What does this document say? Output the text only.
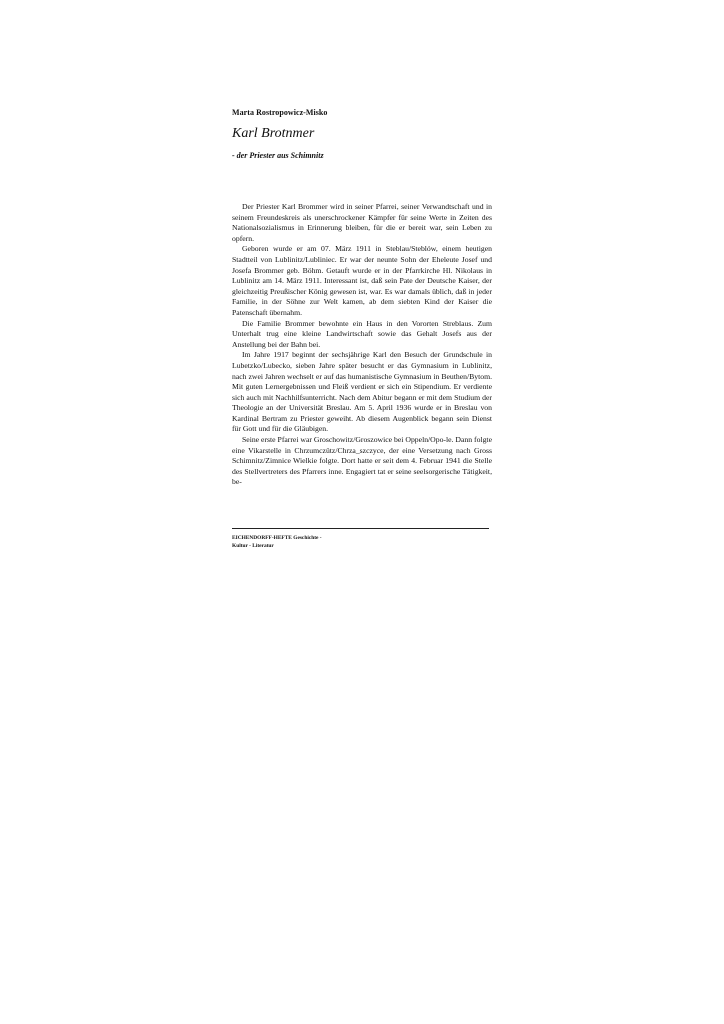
Marta Rostropowicz-Misko
Karl Brotnmer
- der Priester aus Schimnitz

Der Priester Karl Brommer wird in seiner Pfarrei, seiner Verwandtschaft und in seinem Freundeskreis als unerschrockener Kämpfer für seine Werte in Zeiten des Nationalsozialismus in Erinnerung bleiben, für die er bereit war, sein Leben zu opfern.

Geboren wurde er am 07. März 1911 in Steblau/Steblów, einem heutigen Stadtteil von Lublinitz/Lubliniec. Er war der neunte Sohn der Eheleute Josef und Josefa Brommer geb. Böhm. Getauft wurde er in der Pfarrkirche Hl. Nikolaus in Lublinitz am 14. März 1911. Interessant ist, daß sein Pate der Deutsche Kaiser, der gleichzeitig Preußischer König gewesen ist, war. Es war damals üblich, daß in jeder Familie, in der Söhne zur Welt kamen, ab dem siebten Kind der Kaiser die Patenschaft übernahm.

Die Familie Brommer bewohnte ein Haus in den Vororten Streblaus. Zum Unterhalt trug eine kleine Landwirtschaft sowie das Gehalt Josefs aus der Anstellung bei der Bahn bei.

Im Jahre 1917 beginnt der sechsjährige Karl den Besuch der Grundschule in Lubetzko/Lubecko, sieben Jahre später besucht er das Gymnasium in Lublinitz, nach zwei Jahren wechselt er auf das humanistische Gymnasium in Beuthen/Bytom. Mit guten Lernergebnissen und Fleiß verdient er sich ein Stipendium. Er verdiente sich auch mit Nachhilfsunterricht. Nach dem Abitur begann er mit dem Studium der Theologie an der Universität Breslau. Am 5. April 1936 wurde er in Breslau von Kardinal Bertram zu Priester geweiht. Ab diesem Augenblick begann sein Dienst für Gott und für die Gläubigen.

Seine erste Pfarrei war Groschowitz/Groszowice bei Oppeln/Opo-le. Dann folgte eine Vikarstelle in Chrzumczütz/Chrza_szczyce, der eine Versetzung nach Gross Schimnitz/Zimnice Wielkie folgte. Dort hatte er seit dem 4. Februar 1941 die Stelle des Stellvertreters des Pfarrers inne. Engagiert tat er seine seelsorgerische Tätigkeit, be-

EICHENDORFF-HEFTE Geschichte -
Kultur - Literatur
